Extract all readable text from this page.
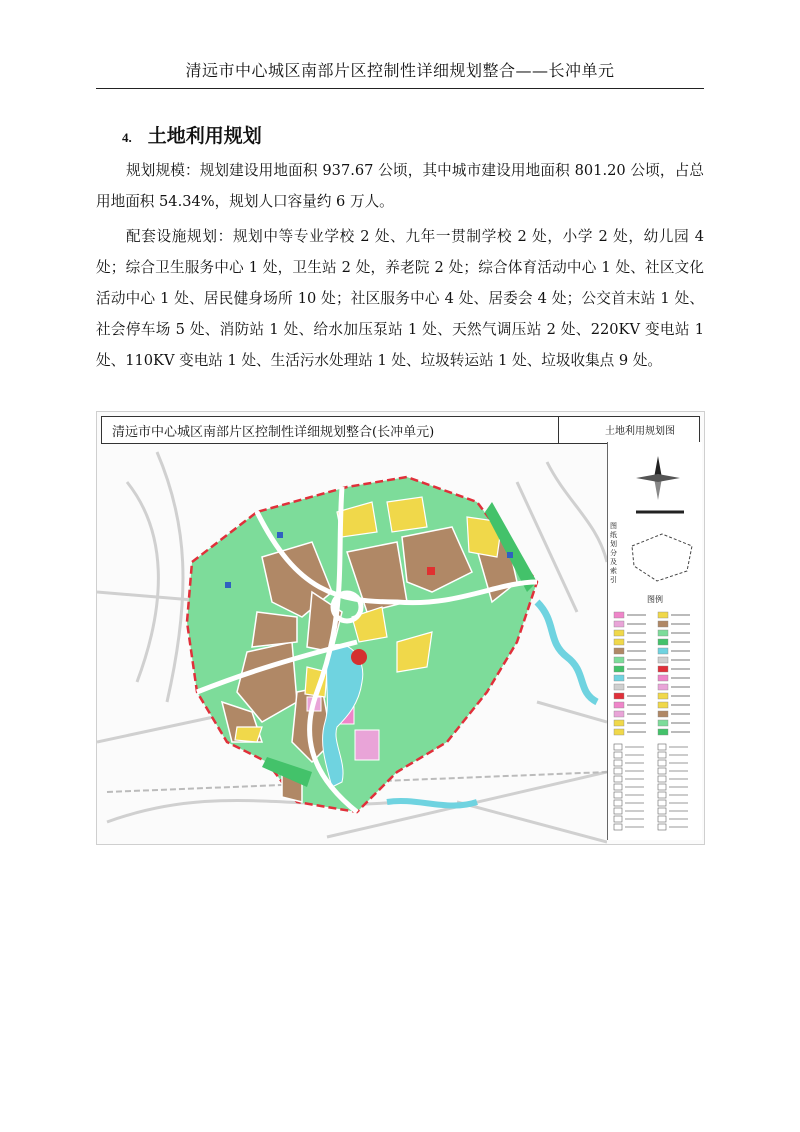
清远市中心城区南部片区控制性详细规划整合——长冲单元
4. 土地利用规划

规划规模：规划建设用地面积 937.67 公顷，其中城市建设用地面积 801.20 公顷，占总用地面积 54.34%，规划人口容量约 6 万人。

配套设施规划：规划中等专业学校 2 处、九年一贯制学校 2 处，小学 2 处，幼儿园 4 处；综合卫生服务中心 1 处，卫生站 2 处，养老院 2 处；综合体育活动中心 1 处、社区文化活动中心 1 处、居民健身场所 10 处；社区服务中心 4 处、居委会 4 处；公交首末站 1 处、社会停车场 5 处、消防站 1 处、给水加压泵站 1 处、天然气调压站 2 处、220KV 变电站 1 处、110KV 变电站 1 处、生活污水处理站 1 处、垃圾转运站 1 处、垃圾收集点 9 处。

清远市中心城区南部片区控制性详细规划整合(长冲单元)	土地利用规划图
图纸划分及索引
图例
